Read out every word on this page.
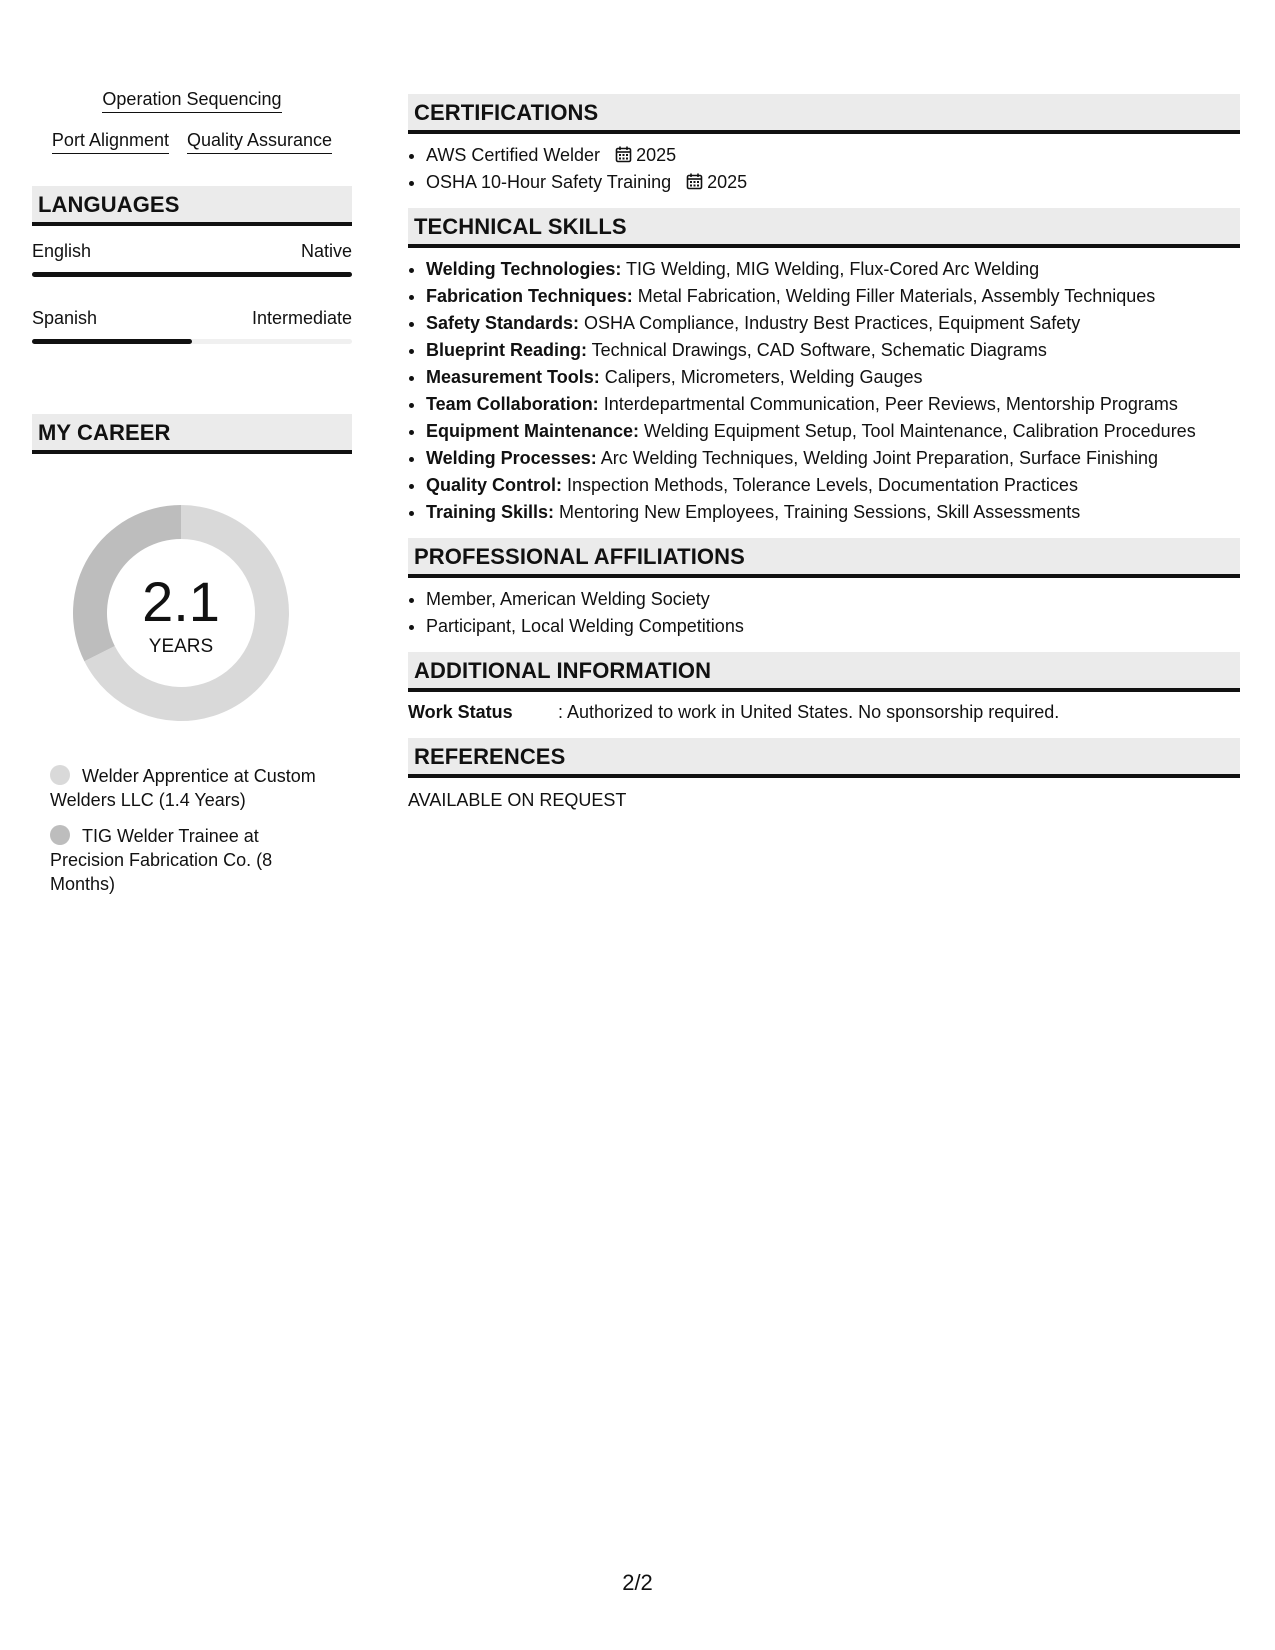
Operation Sequencing
Port Alignment Quality Assurance
LANGUAGES
English	Native
Spanish	Intermediate
MY CAREER
2.1
YEARS
Welder Apprentice at Custom Welders LLC (1.4 Years)
TIG Welder Trainee at Precision Fabrication Co. (8 Months)
CERTIFICATIONS
• AWS Certified Welder 2025
• OSHA 10-Hour Safety Training 2025
TECHNICAL SKILLS
• Welding Technologies: TIG Welding, MIG Welding, Flux-Cored Arc Welding
• Fabrication Techniques: Metal Fabrication, Welding Filler Materials, Assembly Techniques
• Safety Standards: OSHA Compliance, Industry Best Practices, Equipment Safety
• Blueprint Reading: Technical Drawings, CAD Software, Schematic Diagrams
• Measurement Tools: Calipers, Micrometers, Welding Gauges
• Team Collaboration: Interdepartmental Communication, Peer Reviews, Mentorship Programs
• Equipment Maintenance: Welding Equipment Setup, Tool Maintenance, Calibration Procedures
• Welding Processes: Arc Welding Techniques, Welding Joint Preparation, Surface Finishing
• Quality Control: Inspection Methods, Tolerance Levels, Documentation Practices
• Training Skills: Mentoring New Employees, Training Sessions, Skill Assessments
PROFESSIONAL AFFILIATIONS
• Member, American Welding Society
• Participant, Local Welding Competitions
ADDITIONAL INFORMATION
Work Status	: Authorized to work in United States. No sponsorship required.
REFERENCES
AVAILABLE ON REQUEST
2/2
